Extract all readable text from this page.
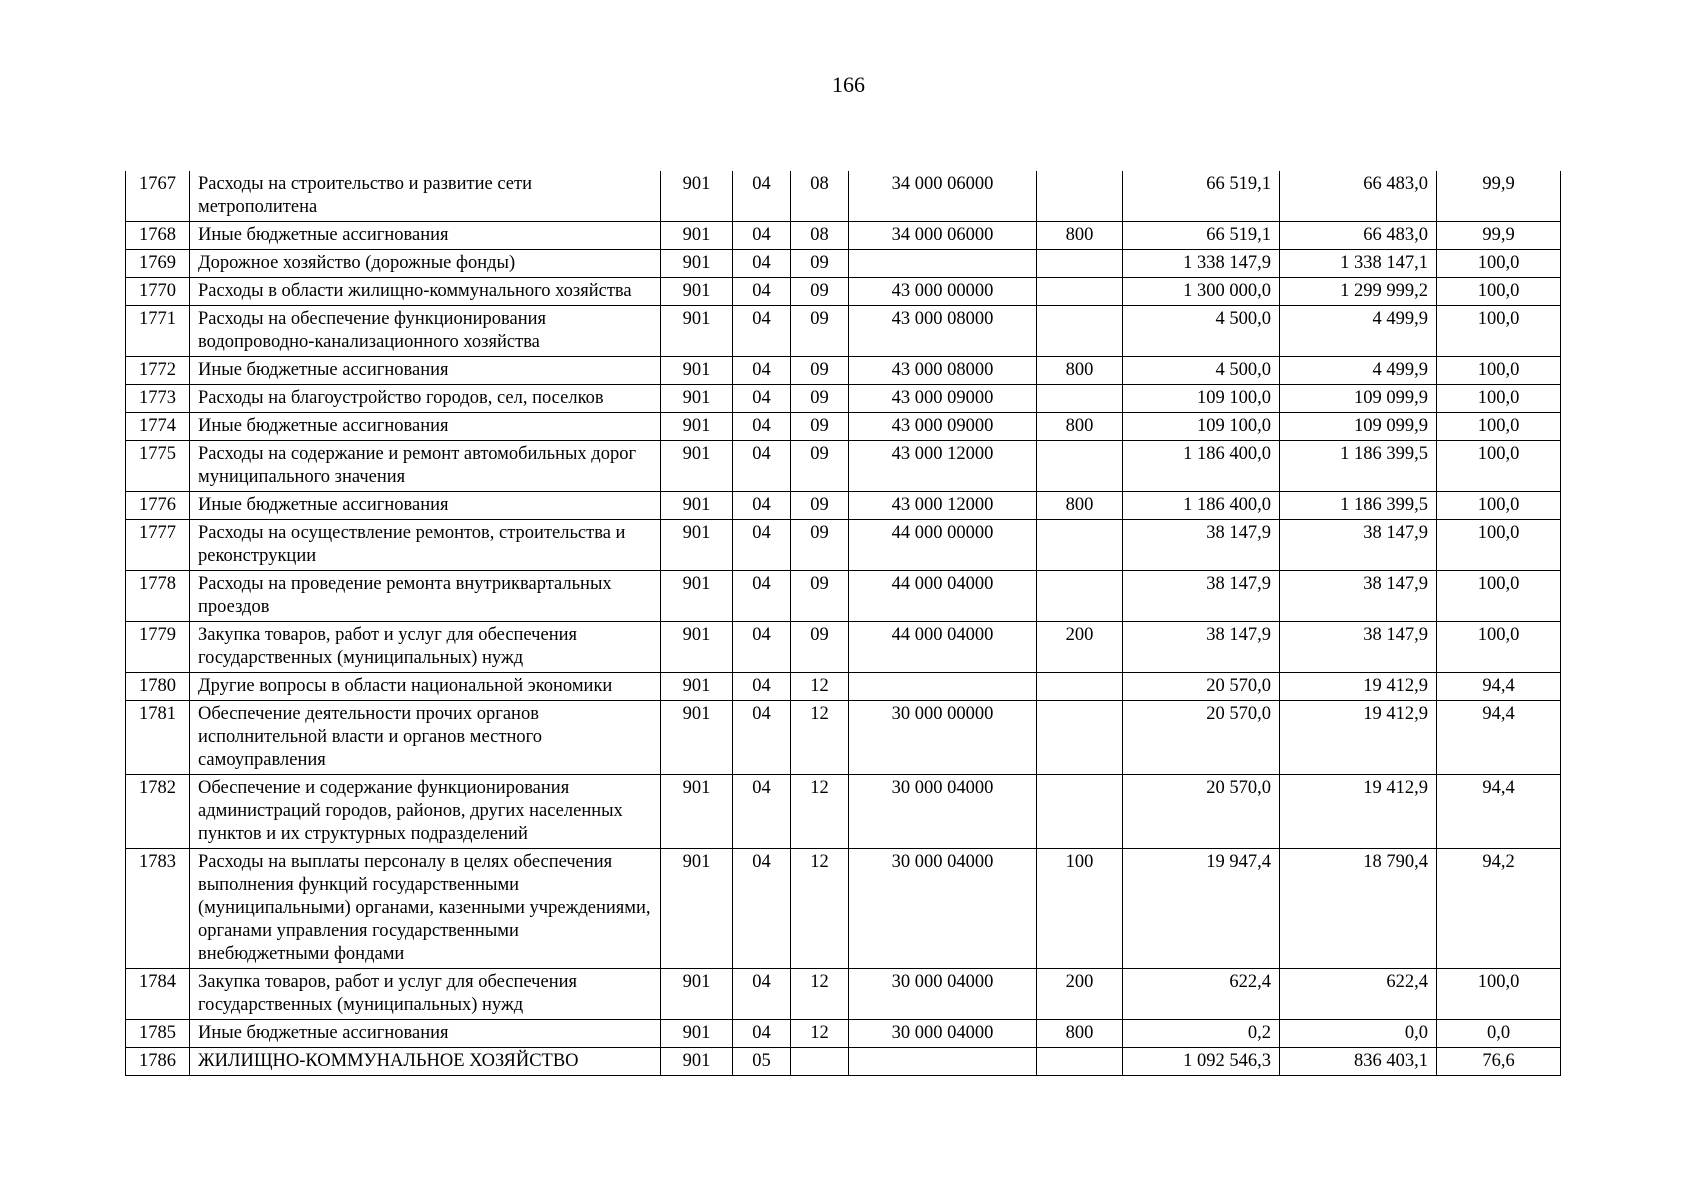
166
1767	Расходы на строительство и развитие сети метрополитена	901	04	08	34 000 06000		66 519,1	66 483,0	99,9
1768	Иные бюджетные ассигнования	901	04	08	34 000 06000	800	66 519,1	66 483,0	99,9
1769	Дорожное хозяйство (дорожные фонды)	901	04	09			1 338 147,9	1 338 147,1	100,0
1770	Расходы в области жилищно-коммунального хозяйства	901	04	09	43 000 00000		1 300 000,0	1 299 999,2	100,0
1771	Расходы на обеспечение функционирования водопроводно-канализационного хозяйства	901	04	09	43 000 08000		4 500,0	4 499,9	100,0
1772	Иные бюджетные ассигнования	901	04	09	43 000 08000	800	4 500,0	4 499,9	100,0
1773	Расходы на благоустройство городов, сел, поселков	901	04	09	43 000 09000		109 100,0	109 099,9	100,0
1774	Иные бюджетные ассигнования	901	04	09	43 000 09000	800	109 100,0	109 099,9	100,0
1775	Расходы на содержание и ремонт автомобильных дорог муниципального значения	901	04	09	43 000 12000		1 186 400,0	1 186 399,5	100,0
1776	Иные бюджетные ассигнования	901	04	09	43 000 12000	800	1 186 400,0	1 186 399,5	100,0
1777	Расходы на осуществление ремонтов, строительства и реконструкции	901	04	09	44 000 00000		38 147,9	38 147,9	100,0
1778	Расходы на проведение ремонта внутриквартальных проездов	901	04	09	44 000 04000		38 147,9	38 147,9	100,0
1779	Закупка товаров, работ и услуг для обеспечения государственных (муниципальных) нужд	901	04	09	44 000 04000	200	38 147,9	38 147,9	100,0
1780	Другие вопросы в области национальной экономики	901	04	12			20 570,0	19 412,9	94,4
1781	Обеспечение деятельности прочих органов исполнительной власти и органов местного самоуправления	901	04	12	30 000 00000		20 570,0	19 412,9	94,4
1782	Обеспечение и содержание функционирования администраций городов, районов, других населенных пунктов и их структурных подразделений	901	04	12	30 000 04000		20 570,0	19 412,9	94,4
1783	Расходы на выплаты персоналу в целях обеспечения выполнения функций государственными (муниципальными) органами, казенными учреждениями, органами управления государственными внебюджетными фондами	901	04	12	30 000 04000	100	19 947,4	18 790,4	94,2
1784	Закупка товаров, работ и услуг для обеспечения государственных (муниципальных) нужд	901	04	12	30 000 04000	200	622,4	622,4	100,0
1785	Иные бюджетные ассигнования	901	04	12	30 000 04000	800	0,2	0,0	0,0
1786	ЖИЛИЩНО-КОММУНАЛЬНОЕ ХОЗЯЙСТВО	901	05				1 092 546,3	836 403,1	76,6
